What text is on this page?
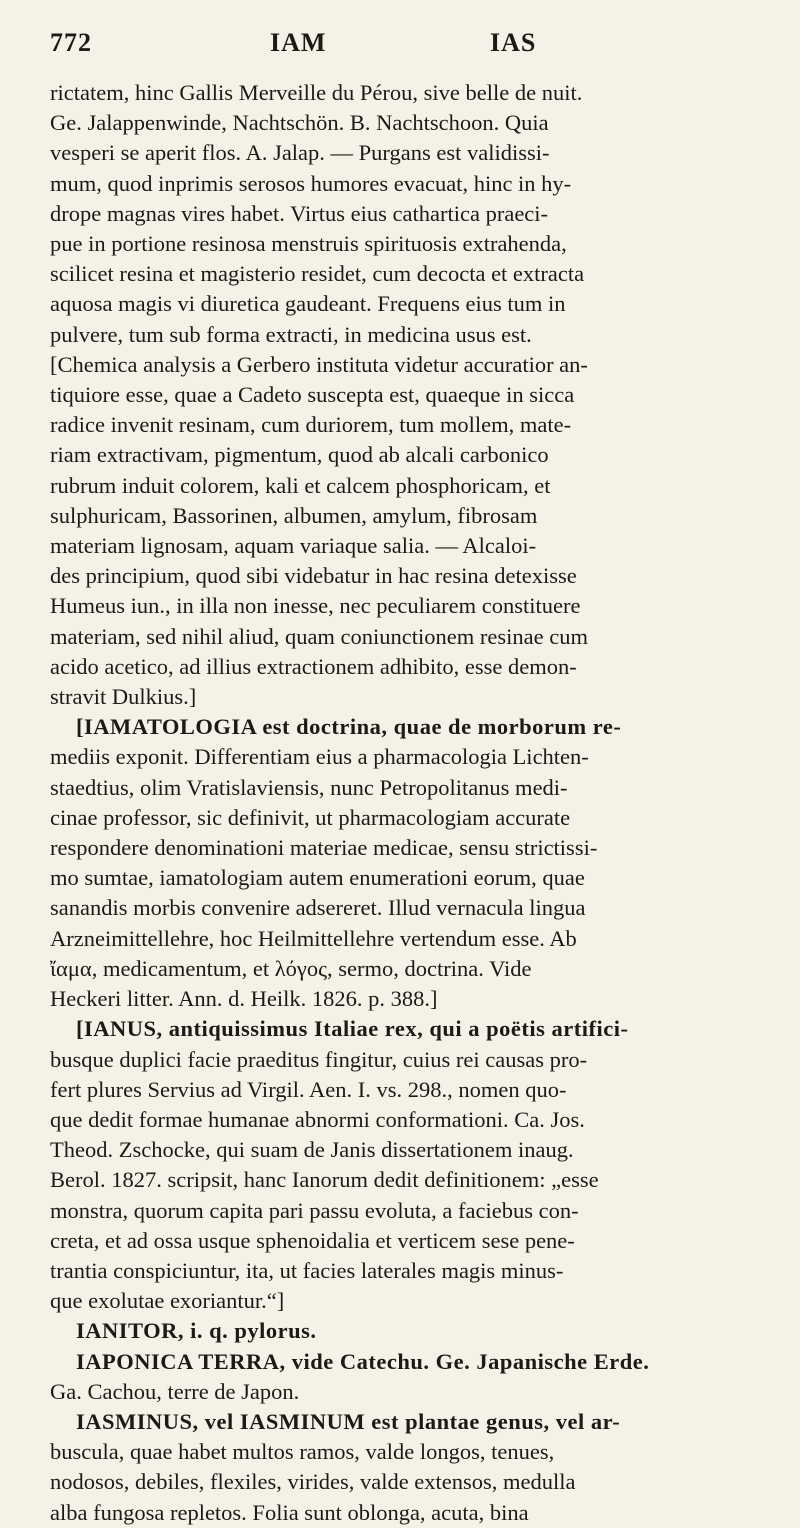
772	IAM	IAS
rictatem, hinc Gallis Merveille du Pérou, sive belle de nuit.
Ge. Jalappenwinde, Nachtschön. B. Nachtschoon. Quia
vesperi se aperit flos. A. Jalap. — Purgans est validissi-
mum, quod inprimis serosos humores evacuat, hinc in hy-
drope magnas vires habet. Virtus eius cathartica praeci-
pue in portione resinosa menstruis spirituosis extrahenda,
scilicet resina et magisterio residet, cum decocta et extracta
aquosa magis vi diuretica gaudeant. Frequens eius tum in
pulvere, tum sub forma extracti, in medicina usus est.
[Chemica analysis a Gerbero instituta videtur accuratior an-
tiquiore esse, quae a Cadeto suscepta est, quaeque in sicca
radice invenit resinam, cum duriorem, tum mollem, mate-
riam extractivam, pigmentum, quod ab alcali carbonico
rubrum induit colorem, kali et calcem phosphoricam, et
sulphuricam, Bassorinen, albumen, amylum, fibrosam
materiam lignosam, aquam variaque salia. — Alcaloi-
des principium, quod sibi videbatur in hac resina detexisse
Humeus iun., in illa non inesse, nec peculiarem constituere
materiam, sed nihil aliud, quam coniunctionem resinae cum
acido acetico, ad illius extractionem adhibito, esse demon-
stravit Dulkius.]
[IAMATOLOGIA est doctrina, quae de morborum re-
mediis exponit. Differentiam eius a pharmacologia Lichten-
staedtius, olim Vratislaviensis, nunc Petropolitanus medi-
cinae professor, sic definivit, ut pharmacologiam accurate
respondere denominationi materiae medicae, sensu strictissi-
mo sumtae, iamatologiam autem enumerationi eorum, quae
sanandis morbis convenire adsereret. Illud vernacula lingua
Arzneimittellehre, hoc Heilmittellehre vertendum esse. Ab
ἴαμα, medicamentum, et λόγος, sermo, doctrina. Vide
Heckeri litter. Ann. d. Heilk. 1826. p. 388.]
[IANUS, antiquissimus Italiae rex, qui a poëtis artifici-
busque duplici facie praeditus fingitur, cuius rei causas pro-
fert plures Servius ad Virgil. Aen. I. vs. 298., nomen quo-
que dedit formae humanae abnormi conformationi. Ca. Jos.
Theod. Zschocke, qui suam de Janis dissertationem inaug.
Berol. 1827. scripsit, hanc Ianorum dedit definitionem: „esse
monstra, quorum capita pari passu evoluta, a faciebus con-
creta, et ad ossa usque sphenoidalia et verticem sese pene-
trantia conspiciuntur, ita, ut facies laterales magis minus-
que exolutae exoriantur.“]
IANITOR, i. q. pylorus.
IAPONICA TERRA, vide Catechu. Ge. Japanische Erde.
Ga. Cachou, terre de Japon.
IASMINUS, vel IASMINUM est plantae genus, vel ar-
buscula, quae habet multos ramos, valde longos, tenues,
nodosos, debiles, flexiles, virides, valde extensos, medulla
alba fungosa repletos. Folia sunt oblonga, acuta, bina
